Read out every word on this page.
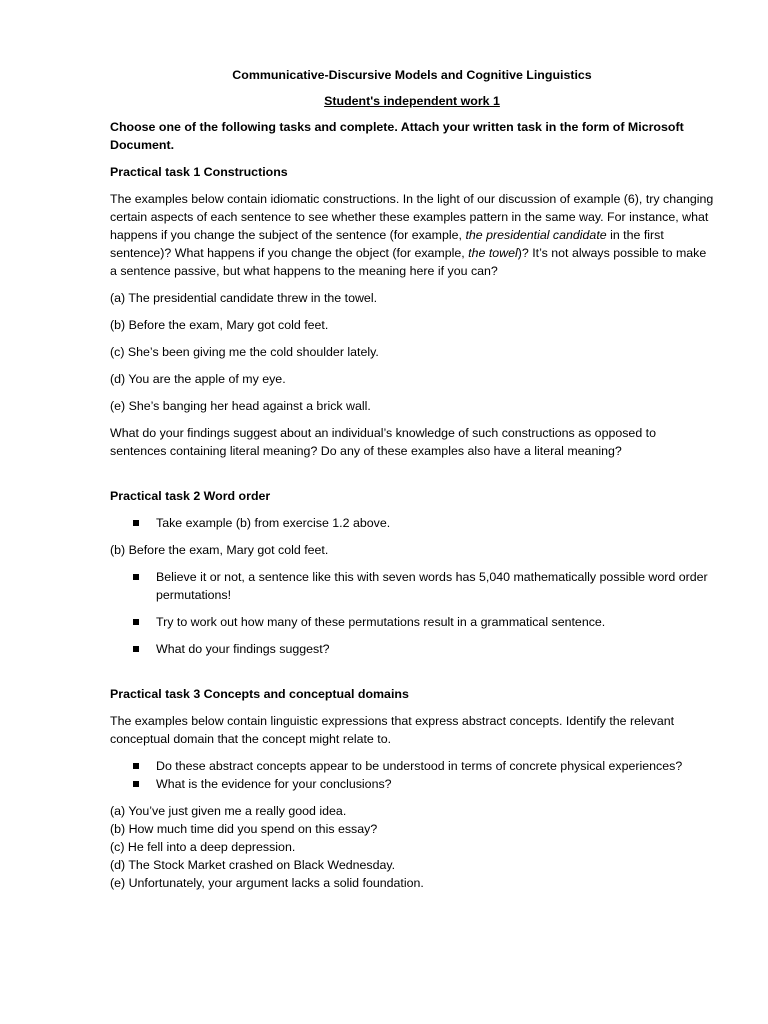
Communicative-Discursive Models and Cognitive Linguistics

Student's independent work 1

Choose one of the following tasks and complete. Attach your written task in the form of Microsoft Document.

Practical task 1 Constructions

The examples below contain idiomatic constructions. In the light of our discussion of example (6), try changing certain aspects of each sentence to see whether these examples pattern in the same way. For instance, what happens if you change the subject of the sentence (for example, the presidential candidate in the first sentence)? What happens if you change the object (for example, the towel)? It’s not always possible to make a sentence passive, but what happens to the meaning here if you can?

(a) The presidential candidate threw in the towel.

(b) Before the exam, Mary got cold feet.

(c) She’s been giving me the cold shoulder lately.

(d) You are the apple of my eye.

(e) She’s banging her head against a brick wall.

What do your findings suggest about an individual’s knowledge of such constructions as opposed to sentences containing literal meaning? Do any of these examples also have a literal meaning?

Practical task 2 Word order

Take example (b) from exercise 1.2 above.

(b) Before the exam, Mary got cold feet.

Believe it or not, a sentence like this with seven words has 5,040 mathematically possible word order permutations!
Try to work out how many of these permutations result in a grammatical sentence.
What do your findings suggest?

Practical task 3 Concepts and conceptual domains

The examples below contain linguistic expressions that express abstract concepts. Identify the relevant conceptual domain that the concept might relate to.

Do these abstract concepts appear to be understood in terms of concrete physical experiences?
What is the evidence for your conclusions?

(a) You’ve just given me a really good idea.

(b) How much time did you spend on this essay?

(c) He fell into a deep depression.

(d) The Stock Market crashed on Black Wednesday.

(e) Unfortunately, your argument lacks a solid foundation.
